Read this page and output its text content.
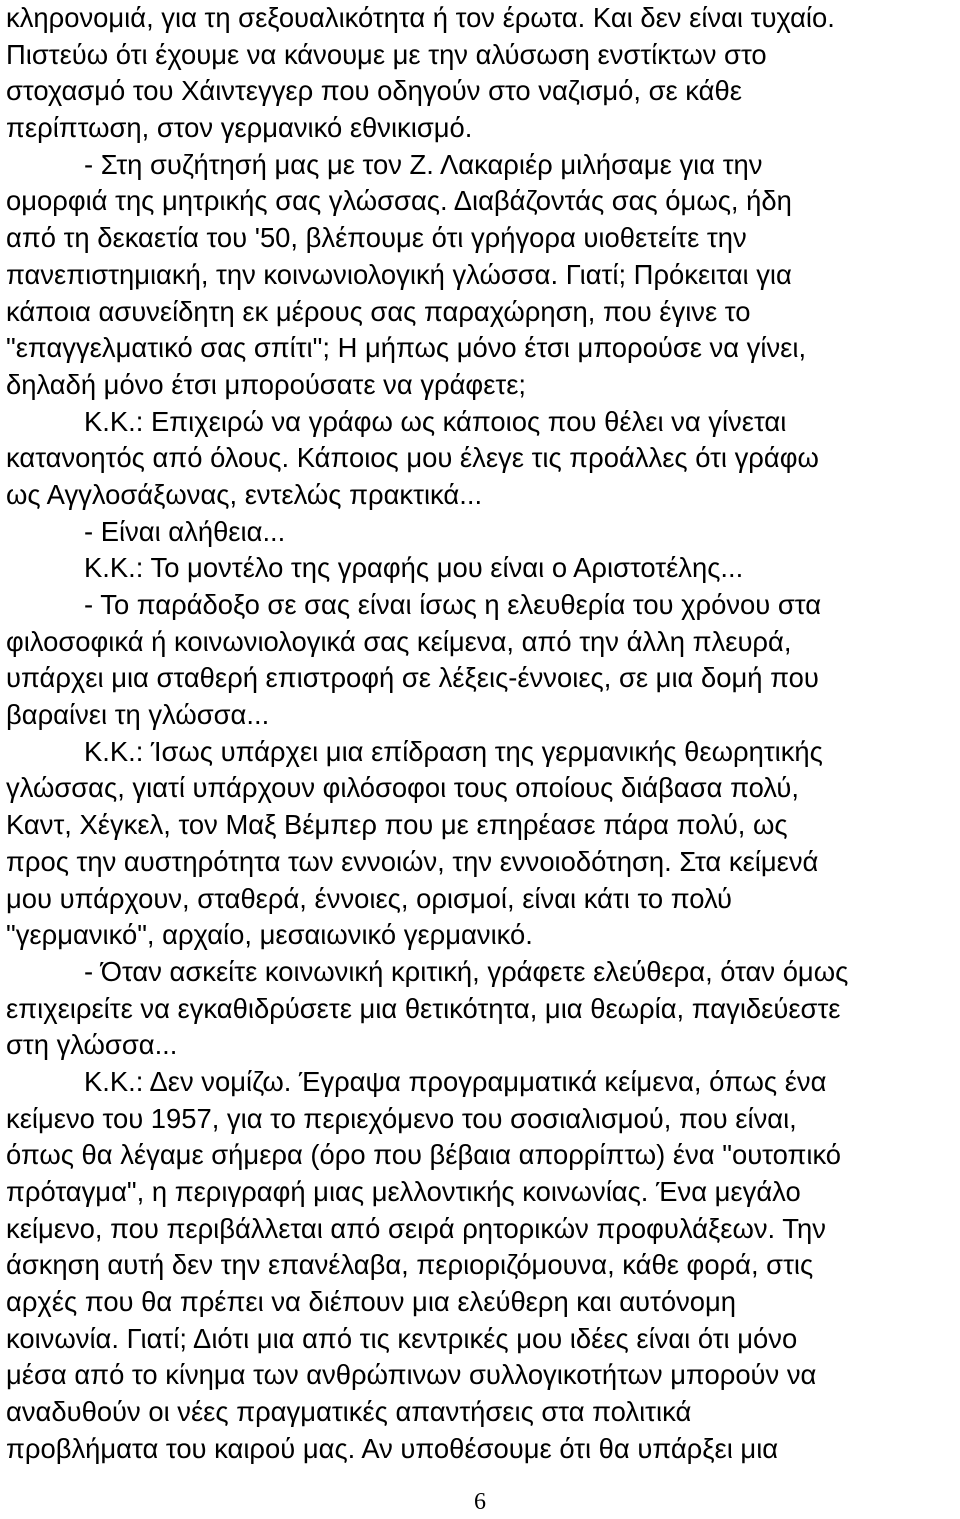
κληρονομιά, για τη σεξουαλικότητα ή τον έρωτα. Και δεν είναι τυχαίο.

Πιστεύω ότι έχουμε να κάνουμε με την αλύσωση ενστίκτων στο

στοχασμό του Χάιντεγγερ που οδηγούν στο ναζισμό, σε κάθε

περίπτωση, στον γερμανικό εθνικισμό.

- Στη συζήτησή μας με τον Ζ. Λακαριέρ μιλήσαμε για την

ομορφιά της μητρικής σας γλώσσας. Διαβάζοντάς σας όμως, ήδη

από τη δεκαετία του '50, βλέπουμε ότι γρήγορα υιοθετείτε την

πανεπιστημιακή, την κοινωνιολογική γλώσσα. Γιατί; Πρόκειται για

κάποια ασυνείδητη εκ μέρους σας παραχώρηση, που έγινε το

"επαγγελματικό σας σπίτι"; Η μήπως μόνο έτσι μπορούσε να γίνει,

δηλαδή μόνο έτσι μπορούσατε να γράφετε;

Κ.Κ.: Επιχειρώ να γράφω ως κάποιος που θέλει να γίνεται

κατανοητός από όλους. Κάποιος μου έλεγε τις προάλλες ότι γράφω

ως Αγγλοσάξωνας, εντελώς πρακτικά...

- Είναι αλήθεια...

Κ.Κ.: Το μοντέλο της γραφής μου είναι ο Αριστοτέλης...

- Το παράδοξο σε σας είναι ίσως η ελευθερία του χρόνου στα

φιλοσοφικά ή κοινωνιολογικά σας κείμενα, από την άλλη πλευρά,

υπάρχει μια σταθερή επιστροφή σε λέξεις-έννοιες, σε μια δομή που

βαραίνει τη γλώσσα...

Κ.Κ.: Ίσως υπάρχει μια επίδραση της γερμανικής θεωρητικής

γλώσσας, γιατί υπάρχουν φιλόσοφοι τους οποίους διάβασα πολύ,

Καντ, Χέγκελ, τον Μαξ Βέμπερ που με επηρέασε πάρα πολύ, ως

προς την αυστηρότητα των εννοιών, την εννοιοδότηση. Στα κείμενά

μου υπάρχουν, σταθερά, έννοιες, ορισμοί, είναι κάτι το πολύ

"γερμανικό", αρχαίο, μεσαιωνικό γερμανικό.

- Όταν ασκείτε κοινωνική κριτική, γράφετε ελεύθερα, όταν όμως

επιχειρείτε να εγκαθιδρύσετε μια θετικότητα, μια θεωρία, παγιδεύεστε

στη γλώσσα...

Κ.Κ.: Δεν νομίζω. Έγραψα προγραμματικά κείμενα, όπως ένα

κείμενο του 1957, για το περιεχόμενο του σοσιαλισμού, που είναι,

όπως θα λέγαμε σήμερα (όρο που βέβαια απορρίπτω) ένα "ουτοπικό

πρόταγμα", η περιγραφή μιας μελλοντικής κοινωνίας. Ένα μεγάλο

κείμενο, που περιβάλλεται από σειρά ρητορικών προφυλάξεων. Την

άσκηση αυτή δεν την επανέλαβα, περιοριζόμουνα, κάθε φορά, στις

αρχές που θα πρέπει να διέπουν μια ελεύθερη και αυτόνομη

κοινωνία. Γιατί; Διότι μια από τις κεντρικές μου ιδέες είναι ότι μόνο

μέσα από το κίνημα των ανθρώπινων συλλογικοτήτων μπορούν να

αναδυθούν οι νέες πραγματικές απαντήσεις στα πολιτικά

προβλήματα του καιρού μας. Αν υποθέσουμε ότι θα υπάρξει μια

6
